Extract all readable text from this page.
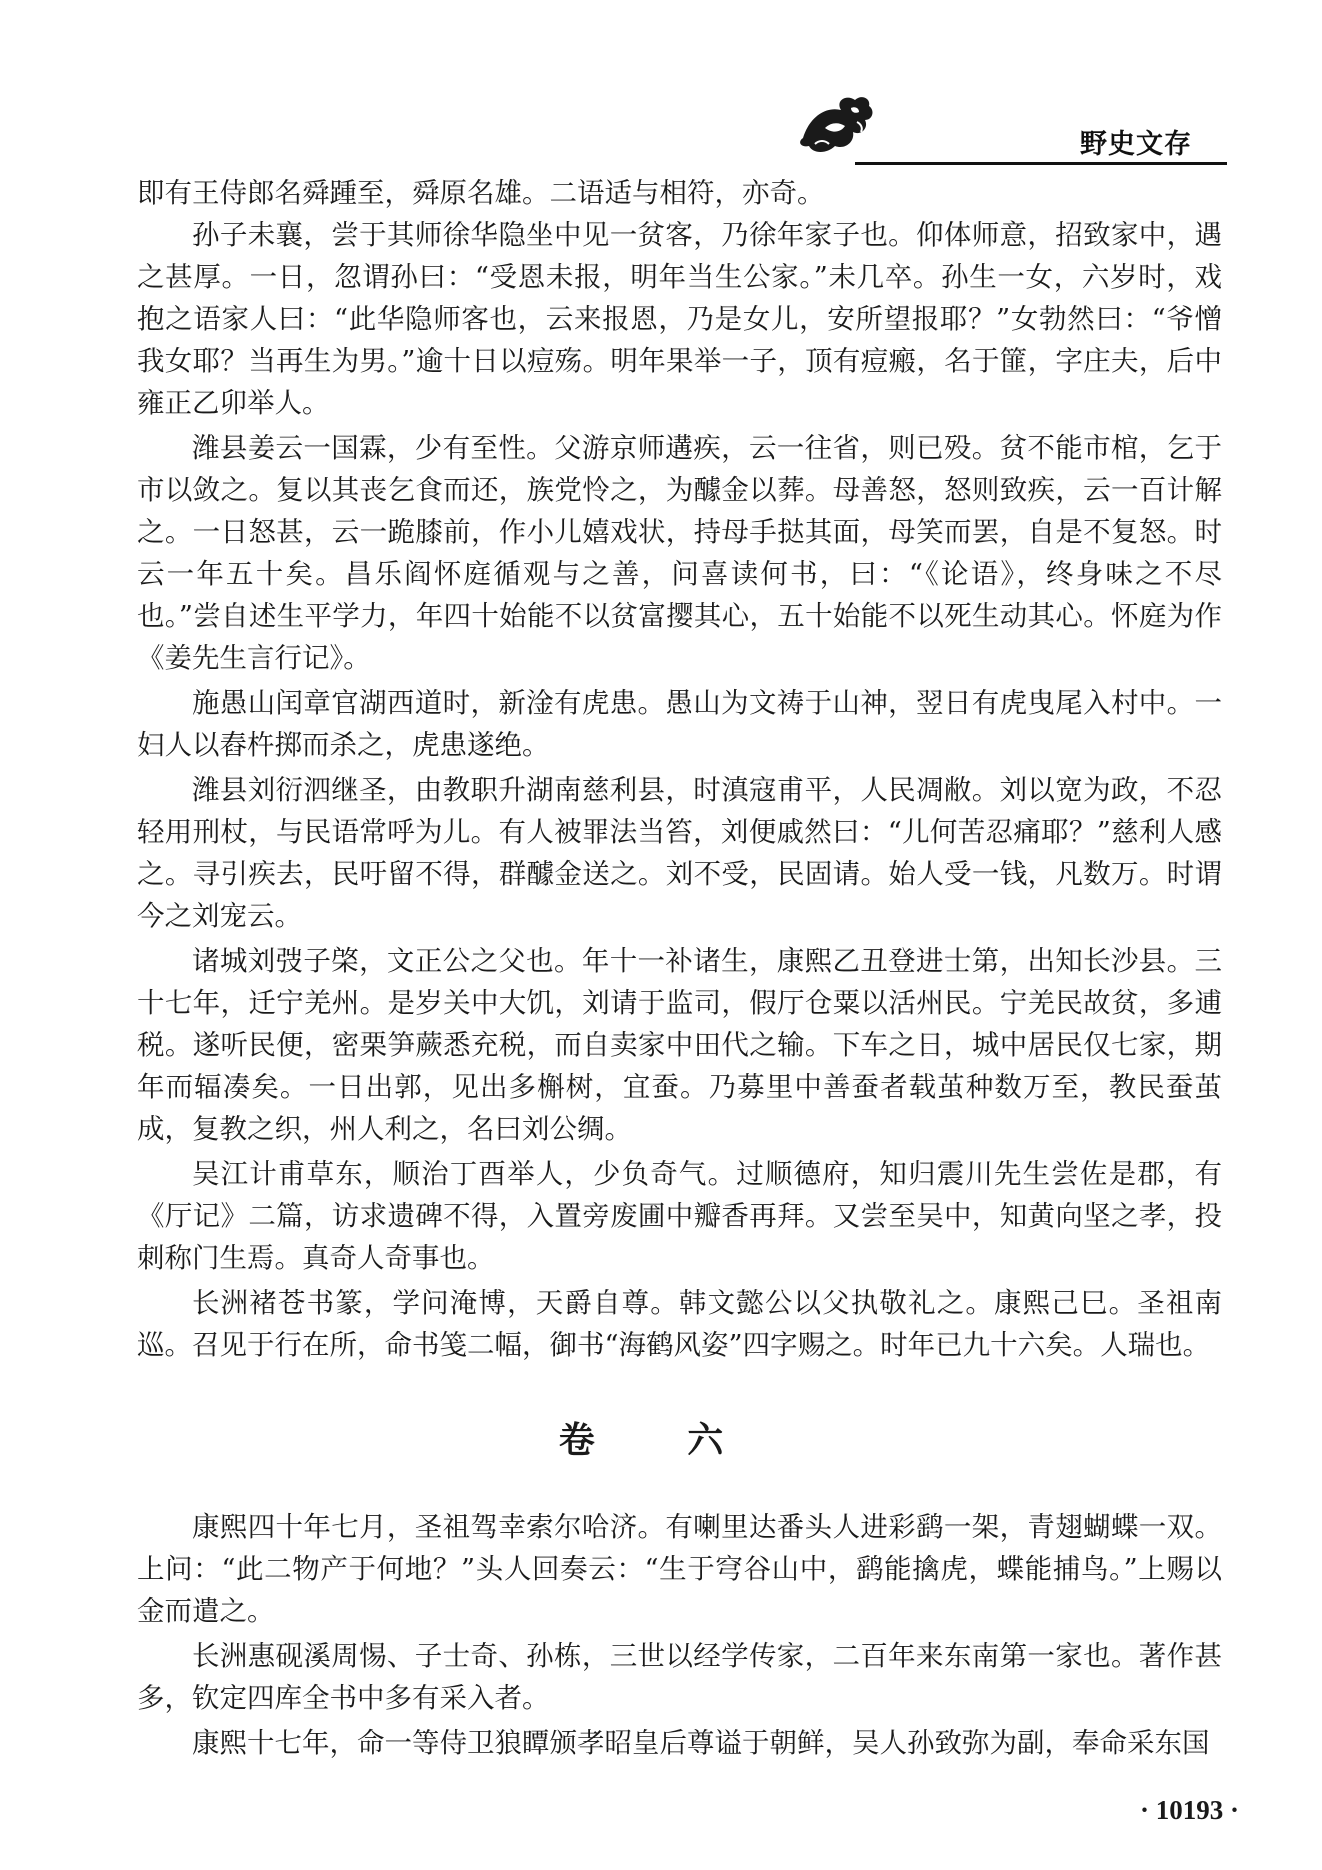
野史文存

即有王侍郎名舜踵至，舜原名雄。二语适与相符，亦奇。

孙子未襄，尝于其师徐华隐坐中见一贫客，乃徐年家子也。仰体师意，招致家中，遇之甚厚。一日，忽谓孙曰：“受恩未报，明年当生公家。”未几卒。孙生一女，六岁时，戏抱之语家人曰：“此华隐师客也，云来报恩，乃是女儿，安所望报耶？”女勃然曰：“爷憎我女耶？当再生为男。”逾十日以痘殇。明年果举一子，顶有痘瘢，名于篚，字庄夫，后中雍正乙卯举人。

潍县姜云一国霖，少有至性。父游京师遘疾，云一往省，则已殁。贫不能市棺，乞于市以敛之。复以其丧乞食而还，族党怜之，为醵金以葬。母善怒，怒则致疾，云一百计解之。一日怒甚，云一跪膝前，作小儿嬉戏状，持母手挞其面，母笑而罢，自是不复怒。时云一年五十矣。昌乐阎怀庭循观与之善，问喜读何书，曰：“《论语》，终身味之不尽也。”尝自述生平学力，年四十始能不以贫富撄其心，五十始能不以死生动其心。怀庭为作《姜先生言行记》。

施愚山闰章官湖西道时，新淦有虎患。愚山为文祷于山神，翌日有虎曳尾入村中。一妇人以舂杵掷而杀之，虎患遂绝。

潍县刘衍泗继圣，由教职升湖南慈利县，时滇寇甫平，人民凋敝。刘以宽为政，不忍轻用刑杖，与民语常呼为儿。有人被罪法当笞，刘便戚然曰：“儿何苦忍痛耶？”慈利人感之。寻引疾去，民吁留不得，群醵金送之。刘不受，民固请。始人受一钱，凡数万。时谓今之刘宠云。

诸城刘弢子棨，文正公之父也。年十一补诸生，康熙乙丑登进士第，出知长沙县。三十七年，迁宁羌州。是岁关中大饥，刘请于监司，假厅仓粟以活州民。宁羌民故贫，多逋税。遂听民便，密栗笋蕨悉充税，而自卖家中田代之输。下车之日，城中居民仅七家，期年而辐凑矣。一日出郭，见出多槲树，宜蚕。乃募里中善蚕者载茧种数万至，教民蚕茧成，复教之织，州人利之，名曰刘公绸。

吴江计甫草东，顺治丁酉举人，少负奇气。过顺德府，知归震川先生尝佐是郡，有《厅记》二篇，访求遗碑不得，入置旁废圃中瓣香再拜。又尝至吴中，知黄向坚之孝，投刺称门生焉。真奇人奇事也。

长洲褚苍书篆，学问淹博，天爵自尊。韩文懿公以父执敬礼之。康熙己巳。圣祖南巡。召见于行在所，命书笺二幅，御书“海鹤风姿”四字赐之。时年已九十六矣。人瑞也。

卷 六

康熙四十年七月，圣祖驾幸索尔哈济。有喇里达番头人进彩鹞一架，青翅蝴蝶一双。上问：“此二物产于何地？”头人回奏云：“生于穹谷山中，鹞能擒虎，蝶能捕鸟。”上赐以金而遣之。

长洲惠砚溪周惕、子士奇、孙栋，三世以经学传家，二百年来东南第一家也。著作甚多，钦定四库全书中多有采入者。

康熙十七年，命一等侍卫狼瞫颁孝昭皇后尊谥于朝鲜，吴人孙致弥为副，奉命采东国

· 10193 ·
